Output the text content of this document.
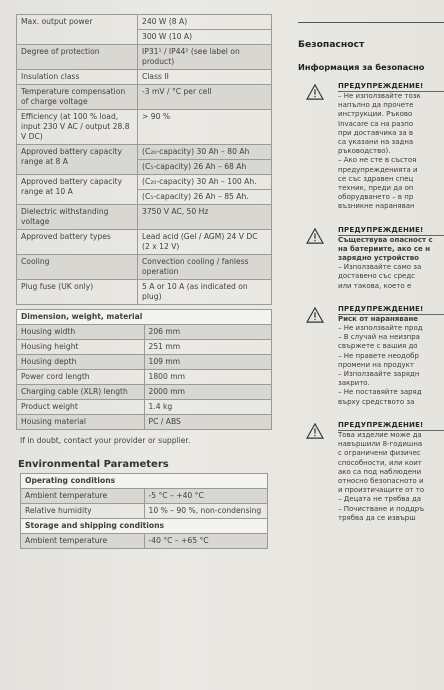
Max. output power	240 W (8 A)
	300 W (10 A)
Degree of protection	IP31¹ / IP44² (see label on product)
Insulation class	Class II
Temperature compensation of charge voltage	-3 mV / °C per cell
Efficiency (at 100 % load, input 230 V AC / output 28.8 V DC)	> 90 %
Approved battery capacity range at 8 A	(C₂₀-capacity) 30 Ah – 80 Ah
	(C₅-capacity) 26 Ah – 68 Ah
Approved battery capacity range at 10 A	(C₂₀-capacity) 30 Ah – 100 Ah.
	(C₅-capacity) 26 Ah – 85 Ah.
Dielectric withstanding voltage	3750 V AC, 50 Hz
Approved battery types	Lead acid (Gel / AGM) 24 V DC (2 x 12 V)
Cooling	Convection cooling / fanless operation
Plug fuse (UK only)	5 A or 10 A (as indicated on plug)
Dimension, weight, material	
Housing width	206 mm
Housing height	251 mm
Housing depth	109 mm
Power cord length	1800 mm
Charging cable (XLR) length	2000 mm
Product weight	1.4 kg
Housing material	PC / ABS
If in doubt, contact your provider or supplier.
Environmental Parameters
Operating conditions	
Ambient temperature	-5 °C – +40 °C
Relative humidity	10 % – 90 %, non-condensing
Storage and shipping conditions	
Ambient temperature	-40 °C – +65 °C
Безопасност
Информация за безопасно
ПРЕДУПРЕЖДЕНИЕ!
– Не използвайте тозк
напълно да прочете
инструкции. Ръково
Invacare са на разпо
при доставчика за в
са указани на задна
ръководство).
– Ако не сте в състоя
предупрежденията и
се със здравен спец
техник, преди да оп
оборудването – в пр
възникне нараняван
ПРЕДУПРЕЖДЕНИЕ!
Съществува опасност с
на батериите, ако се н
зарядно устройство
– Използвайте само за
доставено със средс
или такова, което е
ПРЕДУПРЕЖДЕНИЕ!
Риск от нараняване
– Не използвайте прод
– В случай на неизпра
свържете с вашия до
– Не правете неодобр
промени на продукт
– Използвайте зарядн
закрито.
– Не поставяйте заряд
върху средството за
ПРЕДУПРЕЖДЕНИЕ!
Това изделие може да
навършили 8-годишна
с ограничени физичес
способности, или коит
ако са под наблюдени
относно безопасното и
и произтичащите от то
– Децата не трябва да
– Почистване и поддръ
трябва да се извърш
